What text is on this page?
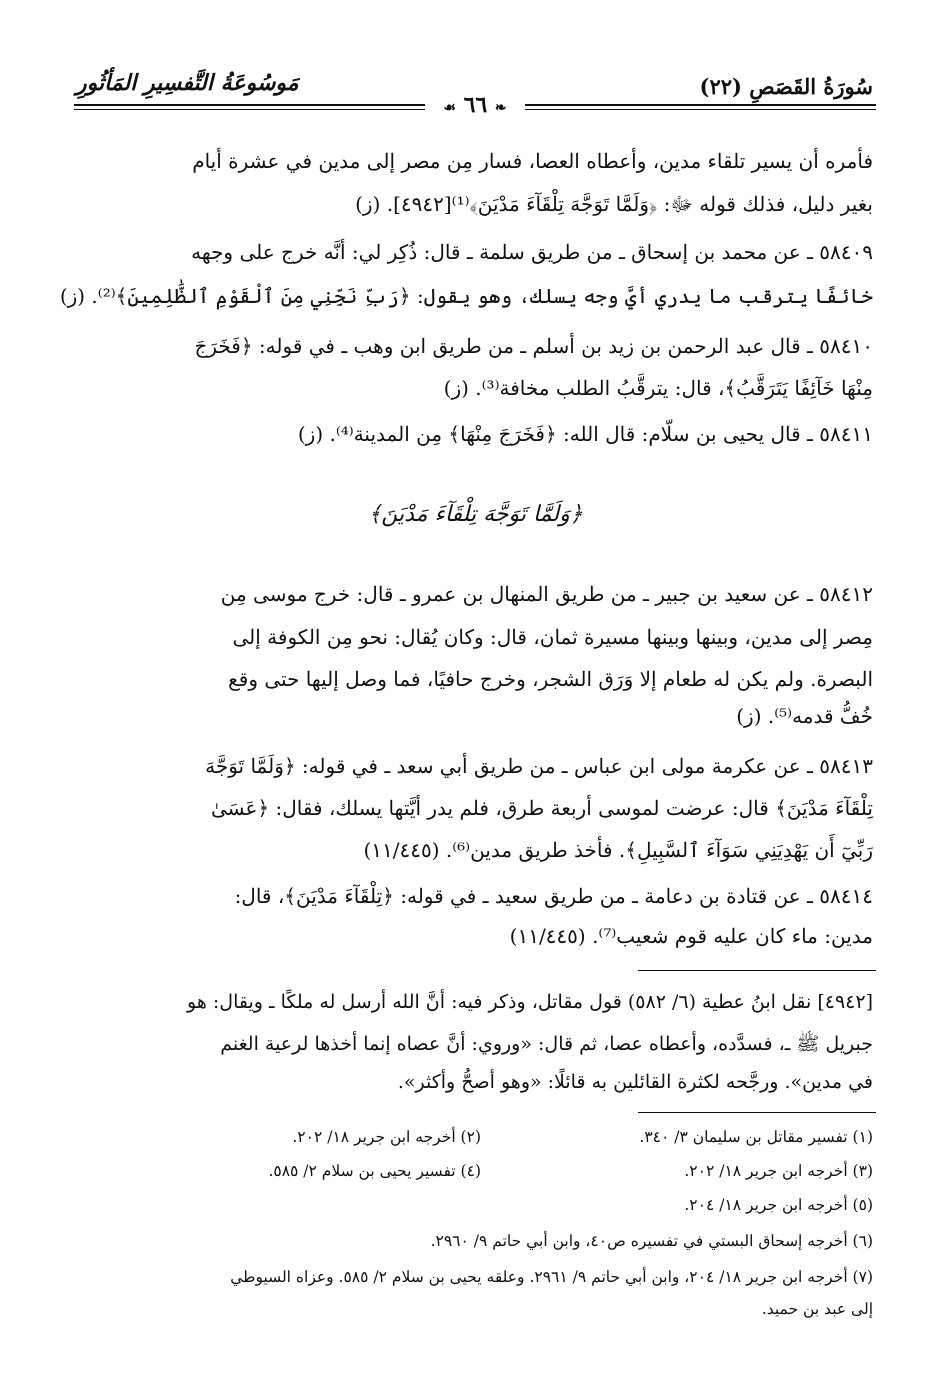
سُورَةُ القَصَصِ (٢٢)
مَوسُوعَةُ التَّفسِيرِ المَأثُورِ
❧ ٦٦ ☙
فأمره أن يسير تلقاء مدين، وأعطاه العصا، فسار مِن مصر إلى مدين في عشرة أيام
بغير دليل، فذلك قوله ﷻ: ﴿وَلَمَّا تَوَجَّهَ تِلْقَآءَ مَدْيَنَ﴾⁽¹⁾[٤٩٤٢]. (ز)
٥٨٤٠٩ ـ عن محمد بن إسحاق ـ من طريق سلمة ـ قال: ذُكِر لي: أنَّه خرج على وجهه
خائفًا يترقب ما يدري أيَّ وجه يسلك، وهو يقول: ﴿رَبِّ نَجِّنِي مِنَ ٱلْقَوْمِ ٱلظَّٰلِمِينَ﴾⁽²⁾. (ز)
٥٨٤١٠ ـ قال عبد الرحمن بن زيد بن أسلم ـ من طريق ابن وهب ـ في قوله: ﴿فَخَرَجَ
مِنْهَا خَآئِفًا يَتَرَقَّبُ﴾، قال: يترقَّبُ الطلب مخافة⁽³⁾. (ز)
٥٨٤١١ ـ قال يحيى بن سلّام: قال الله: ﴿فَخَرَجَ مِنْهَا﴾ مِن المدينة⁽⁴⁾. (ز)
﴿وَلَمَّا تَوَجَّهَ تِلْقَآءَ مَدْيَنَ﴾
٥٨٤١٢ ـ عن سعيد بن جبير ـ من طريق المنهال بن عمرو ـ قال: خرج موسى مِن
مِصر إلى مدين، وبينها وبينها مسيرة ثمان، قال: وكان يُقال: نحو مِن الكوفة إلى
البصرة. ولم يكن له طعام إلا وَرَق الشجر، وخرج حافيًا، فما وصل إليها حتى وقع
خُفُّ قدمه⁽⁵⁾. (ز)
٥٨٤١٣ ـ عن عكرمة مولى ابن عباس ـ من طريق أبي سعد ـ في قوله: ﴿وَلَمَّا تَوَجَّهَ
تِلْقَآءَ مَدْيَنَ﴾ قال: عرضت لموسى أربعة طرق، فلم يدر أيَّتها يسلك، فقال: ﴿عَسَىٰ
رَبِّيٓ أَن يَهْدِيَنِي سَوَآءَ ٱلسَّبِيلِ﴾. فأخذ طريق مدين⁽⁶⁾. (١١/٤٤٥)
٥٨٤١٤ ـ عن قتادة بن دعامة ـ من طريق سعيد ـ في قوله: ﴿تِلْقَآءَ مَدْيَنَ﴾، قال:
مدين: ماء كان عليه قوم شعيب⁽⁷⁾. (١١/٤٤٥)
[٤٩٤٢] نقل ابنُ عطية (٦/ ٥٨٢) قول مقاتل، وذكر فيه: أنَّ الله أرسل له ملكًا ـ ويقال: هو
جبريل ﷺ ـ، فسدَّده، وأعطاه عصا، ثم قال: «وروي: أنَّ عصاه إنما أخذها لرعية الغنم
في مدين». ورجَّحه لكثرة القائلين به قائلًا: «وهو أصحُّ وأكثر».
(١) تفسير مقاتل بن سليمان ٣/ ٣٤٠.
(٢) أخرجه ابن جرير ١٨/ ٢٠٢.
(٣) أخرجه ابن جرير ١٨/ ٢٠٢.
(٤) تفسير يحيى بن سلام ٢/ ٥٨٥.
(٥) أخرجه ابن جرير ١٨/ ٢٠٤.
(٦) أخرجه إسحاق البستي في تفسيره ص٤٠، وابن أبي حاتم ٩/ ٢٩٦٠.
(٧) أخرجه ابن جرير ١٨/ ٢٠٤، وابن أبي حاتم ٩/ ٢٩٦١. وعلقه يحيى بن سلام ٢/ ٥٨٥. وعزاه السيوطي
إلى عبد بن حميد.
